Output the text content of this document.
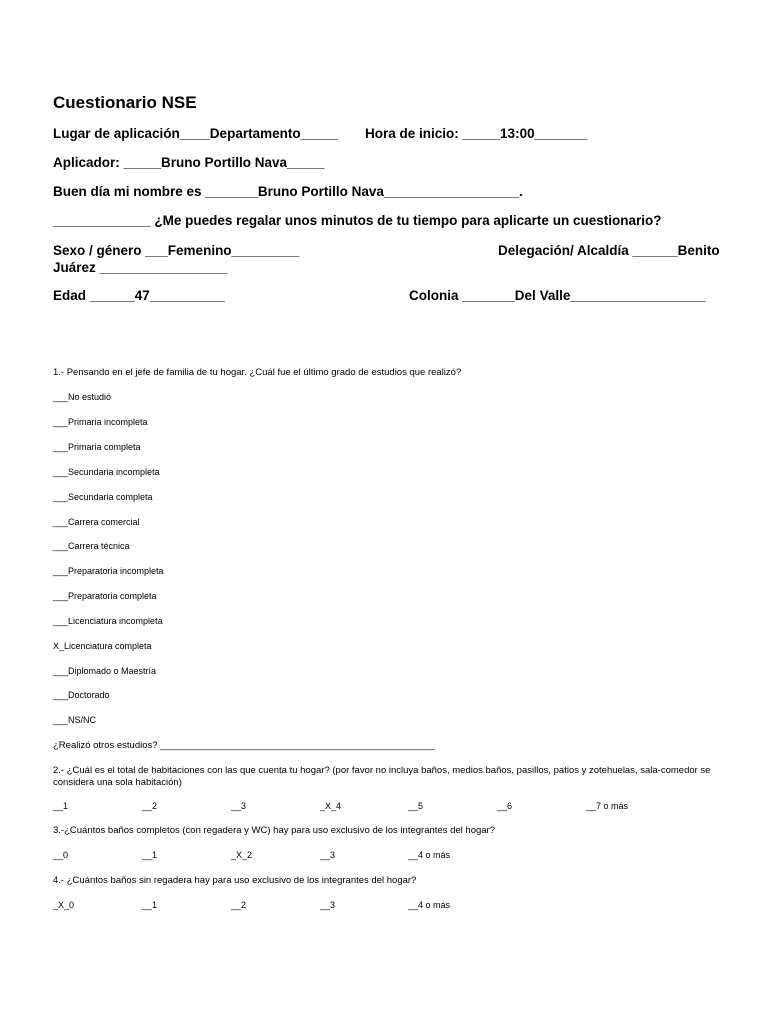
Cuestionario NSE
Lugar de aplicación____Departamento_____ Hora de inicio: _____13:00_______
Aplicador: _____Bruno Portillo Nava_____
Buen día mi nombre es _______Bruno Portillo Nava__________________.
_____________ ¿Me puedes regalar unos minutos de tu tiempo para aplicarte un cuestionario?
Sexo / género ___Femenino_________	Delegación/ Alcaldía ______Benito
Juárez _________________
Edad ______47__________	Colonia _______Del Valle__________________
1.- Pensando en el jefe de familia de tu hogar. ¿Cuál fue el último grado de estudios que realizó?
___No estudió
___Primaria incompleta
___Primaria completa
___Secundaria incompleta
___Secundaria completa
___Carrera comercial
___Carrera técnica
___Preparatoria incompleta
___Preparatoria completa
___Licenciatura incompleta
X_Licenciatura completa
___Diplomado o Maestría
___Doctorado
___NS/NC
¿Realizó otros estudios? ____________________________________________________
2.- ¿Cuál es el total de habitaciones con las que cuenta tu hogar? (por favor no incluya baños, medios baños, pasillos, patios y zotehuelas, sala-comedor se considera una sola habitación)
__1	__2	__3	_X_4	__5	__6	__7 o más
3.-¿Cuántos baños completos (con regadera y WC) hay para uso exclusivo de los integrantes del hogar?
__0	__1	_X_2	__3	__4 o más
4.- ¿Cuántos baños sin regadera hay para uso exclusivo de los integrantes del hogar?
_X_0	__1	__2	__3	__4 o más
